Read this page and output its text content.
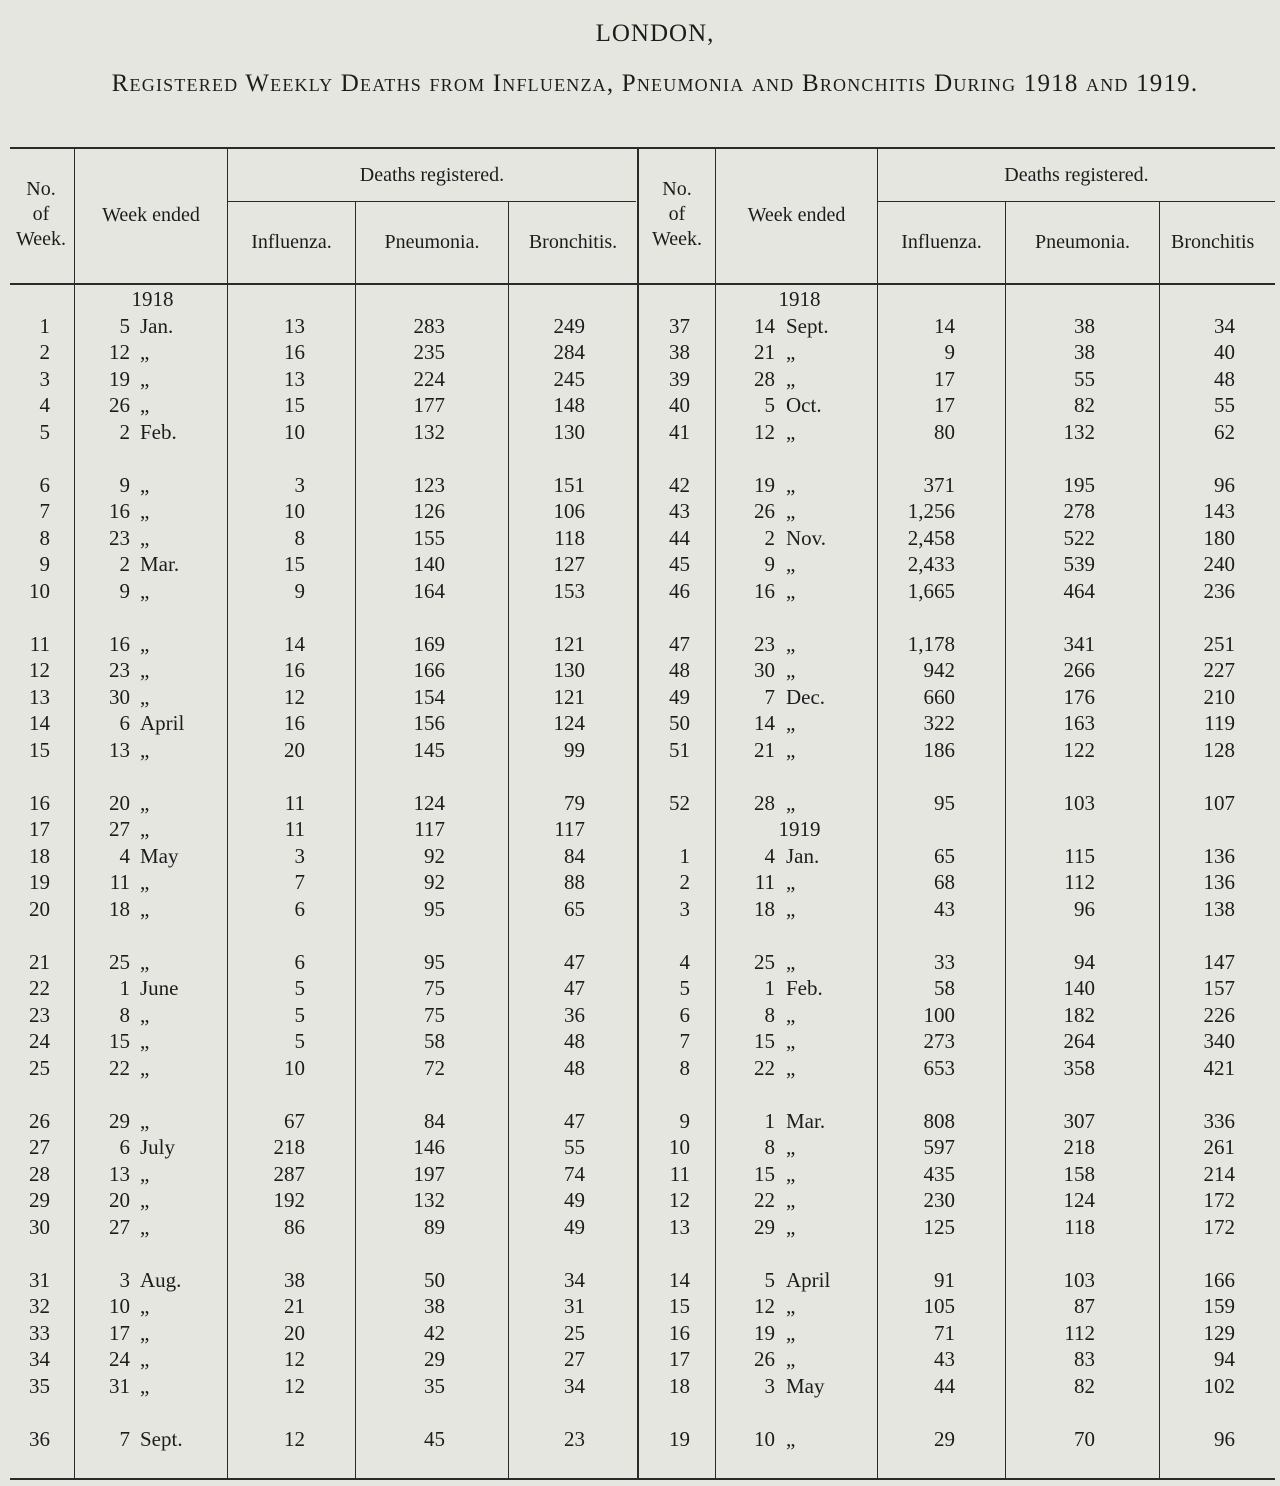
LONDON,
Registered Weekly Deaths from Influenza, Pneumonia and Bronchitis During 1918 and 1919.
No.
of
Week.
Week ended
Deaths registered.
Influenza.	Pneumonia.	Bronchitis.
No.
of
Week.
Week ended
Deaths registered.
Influenza.	Pneumonia.	Bronchitis
1918
1	5 Jan.	13	283	249
2	12 „	16	235	284
3	19 „	13	224	245
4	26 „	15	177	148
5	2 Feb.	10	132	130
6	9 „	3	123	151
7	16 „	10	126	106
8	23 „	8	155	118
9	2 Mar.	15	140	127
10	9 „	9	164	153
11	16 „	14	169	121
12	23 „	16	166	130
13	30 „	12	154	121
14	6 April	16	156	124
15	13 „	20	145	99
16	20 „	11	124	79
17	27 „	11	117	117
18	4 May	3	92	84
19	11 „	7	92	88
20	18 „	6	95	65
21	25 „	6	95	47
22	1 June	5	75	47
23	8 „	5	75	36
24	15 „	5	58	48
25	22 „	10	72	48
26	29 „	67	84	47
27	6 July	218	146	55
28	13 „	287	197	74
29	20 „	192	132	49
30	27 „	86	89	49
31	3 Aug.	38	50	34
32	10 „	21	38	31
33	17 „	20	42	25
34	24 „	12	29	27
35	31 „	12	35	34
36	7 Sept.	12	45	23
1918
37	14 Sept.	14	38	34
38	21 „	9	38	40
39	28 „	17	55	48
40	5 Oct.	17	82	55
41	12 „	80	132	62
42	19 „	371	195	96
43	26 „	1,256	278	143
44	2 Nov.	2,458	522	180
45	9 „	2,433	539	240
46	16 „	1,665	464	236
47	23 „	1,178	341	251
48	30 „	942	266	227
49	7 Dec.	660	176	210
50	14 „	322	163	119
51	21 „	186	122	128
52	28 „	95	103	107
1919
1	4 Jan.	65	115	136
2	11 „	68	112	136
3	18 „	43	96	138
4	25 „	33	94	147
5	1 Feb.	58	140	157
6	8 „	100	182	226
7	15 „	273	264	340
8	22 „	653	358	421
9	1 Mar.	808	307	336
10	8 „	597	218	261
11	15 „	435	158	214
12	22 „	230	124	172
13	29 „	125	118	172
14	5 April	91	103	166
15	12 „	105	87	159
16	19 „	71	112	129
17	26 „	43	83	94
18	3 May	44	82	102
19	10 „	29	70	96
